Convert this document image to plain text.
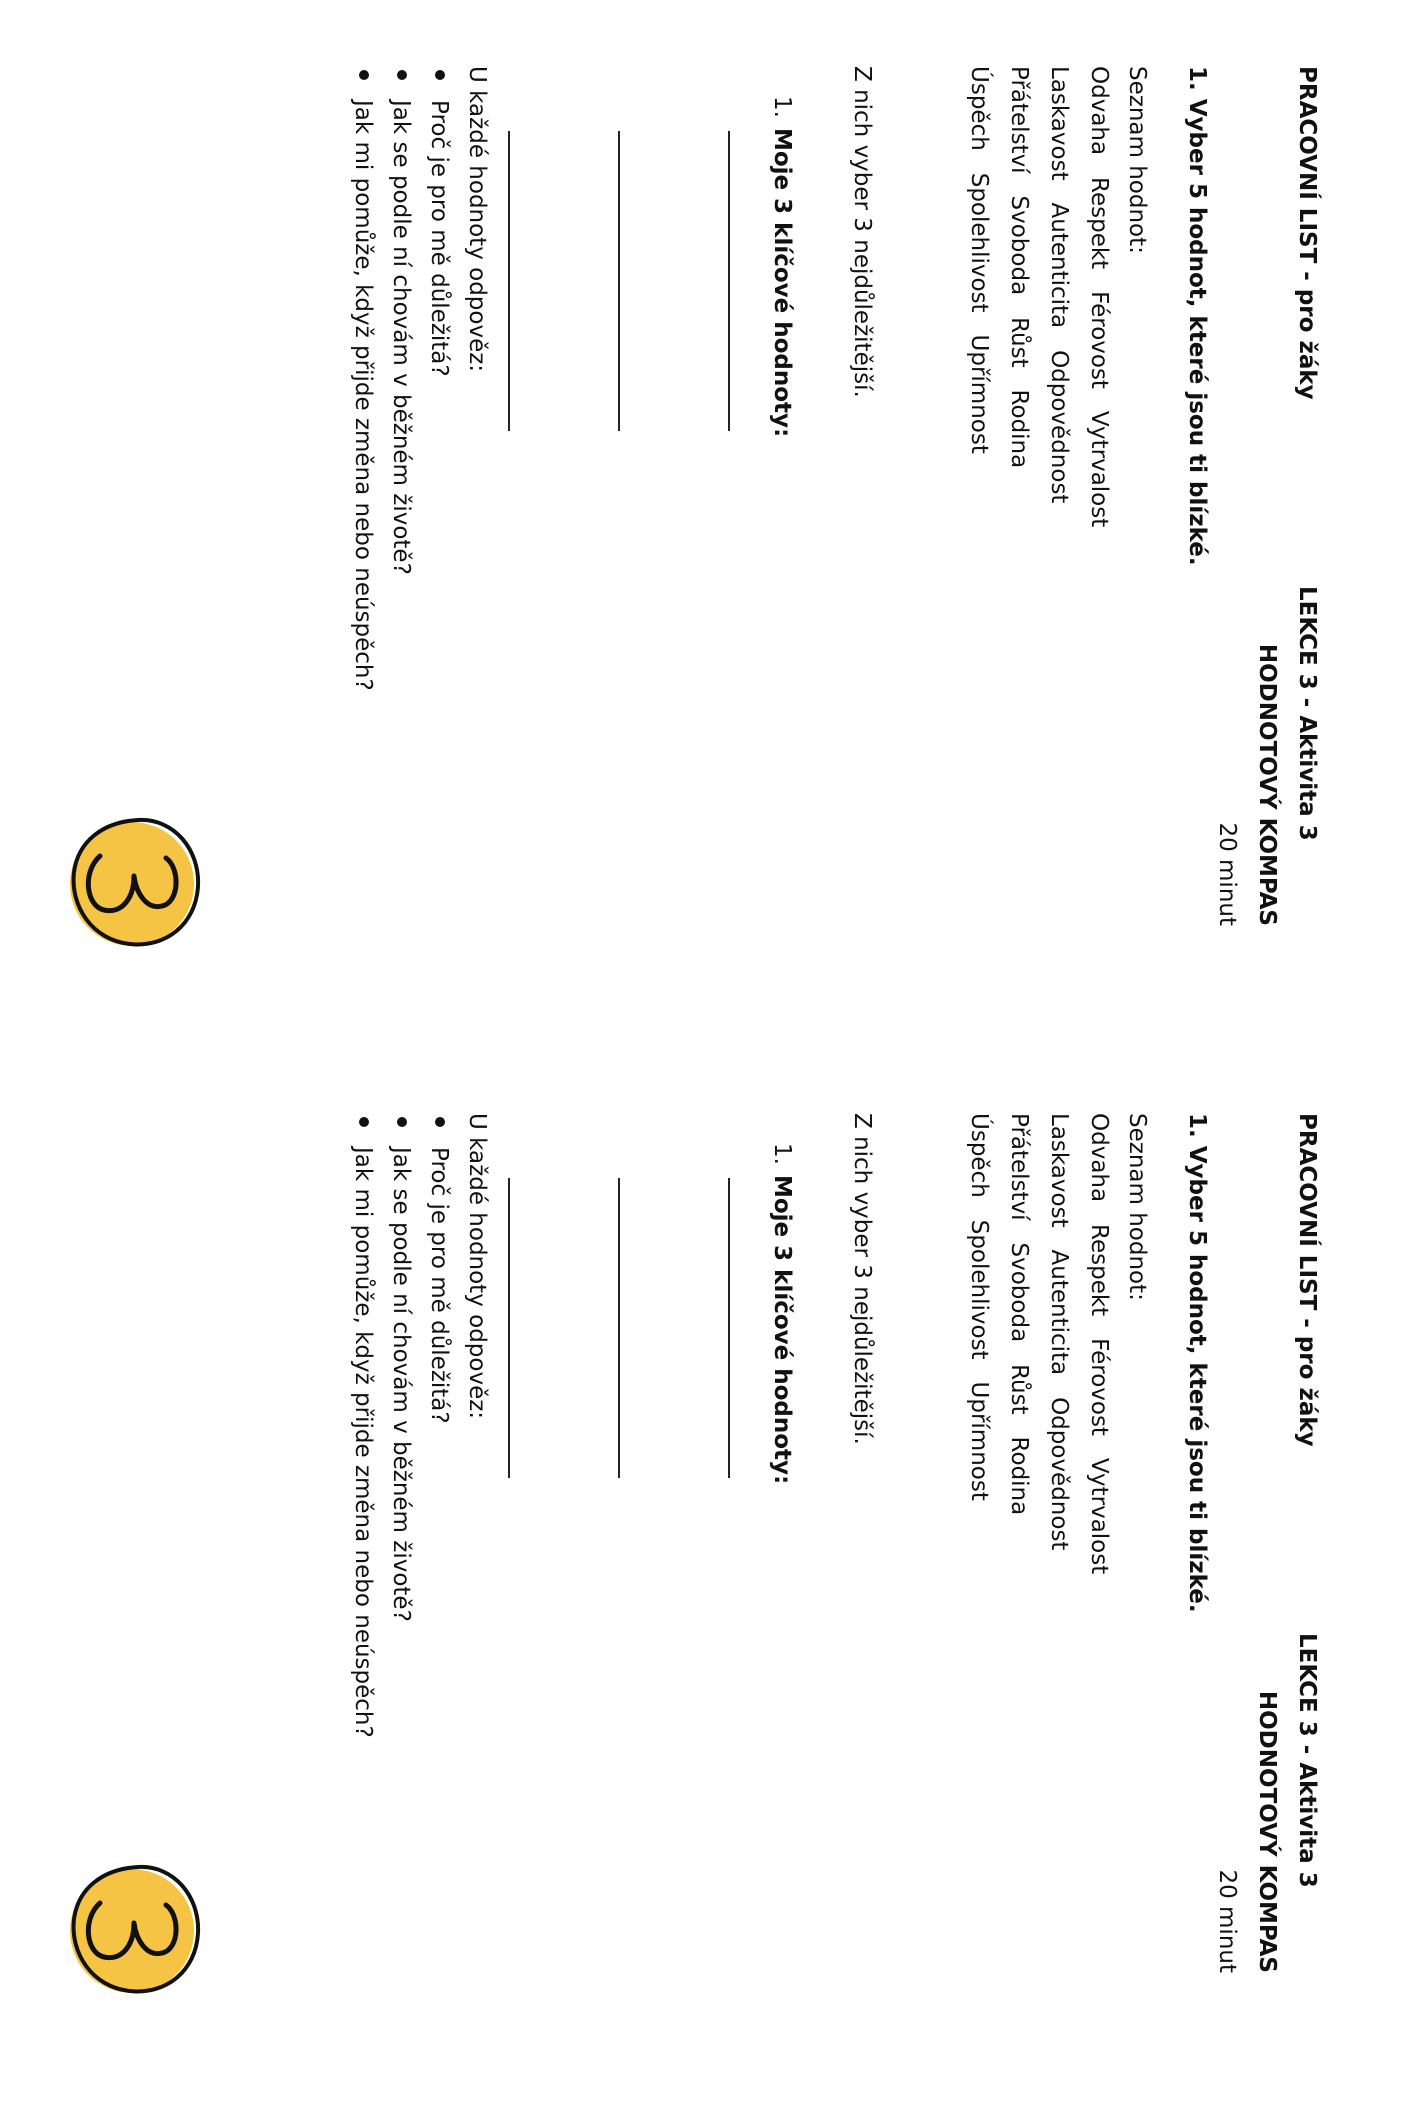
PRACOVNÍ LIST - pro žáky
LEKCE 3 - Aktivita 3
HODNOTOVÝ KOMPAS
20 minut
1. Vyber 5 hodnot, které jsou ti blízké.
Seznam hodnot:
Odvaha   Respekt   Férovost   Vytrvalost
Laskavost   Autenticita   Odpovědnost
Přátelství   Svoboda   Růst   Rodina
Úspěch   Spolehlivost   Upřímnost
Z nich vyber 3 nejdůležitější.
1.Moje 3 klíčové hodnoty:
U každé hodnoty odpověz:
Proč je pro mě důležitá?
Jak se podle ní chovám v běžném životě?
Jak mi pomůže, když přijde změna nebo neúspěch?
PRACOVNÍ LIST - pro žáky
LEKCE 3 - Aktivita 3
HODNOTOVÝ KOMPAS
20 minut
1. Vyber 5 hodnot, které jsou ti blízké.
Seznam hodnot:
Odvaha   Respekt   Férovost   Vytrvalost
Laskavost   Autenticita   Odpovědnost
Přátelství   Svoboda   Růst   Rodina
Úspěch   Spolehlivost   Upřímnost
Z nich vyber 3 nejdůležitější.
1.Moje 3 klíčové hodnoty:
U každé hodnoty odpověz:
Proč je pro mě důležitá?
Jak se podle ní chovám v běžném životě?
Jak mi pomůže, když přijde změna nebo neúspěch?
